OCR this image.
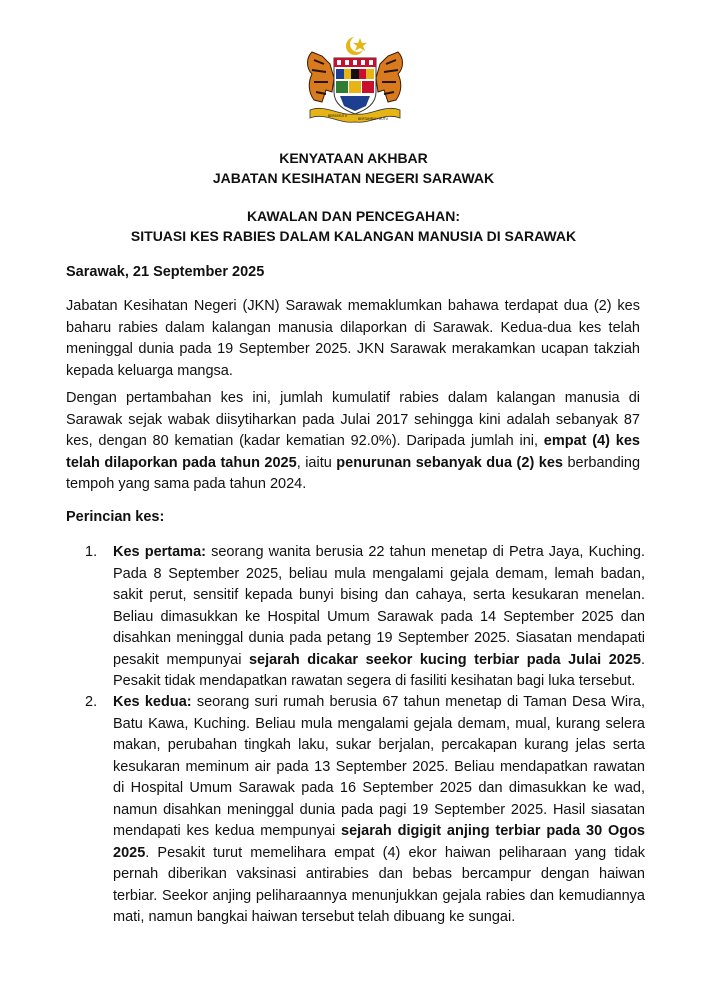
BERSEKUTU
BERTAMBAH MUTU
KENYATAAN AKHBAR
JABATAN KESIHATAN NEGERI SARAWAK
KAWALAN DAN PENCEGAHAN:
SITUASI KES RABIES DALAM KALANGAN MANUSIA DI SARAWAK
Sarawak, 21 September 2025

Jabatan Kesihatan Negeri (JKN) Sarawak memaklumkan bahawa terdapat dua (2) kes baharu rabies dalam kalangan manusia dilaporkan di Sarawak. Kedua-dua kes telah meninggal dunia pada 19 September 2025. JKN Sarawak merakamkan ucapan takziah kepada keluarga mangsa.

Dengan pertambahan kes ini, jumlah kumulatif rabies dalam kalangan manusia di Sarawak sejak wabak diisytiharkan pada Julai 2017 sehingga kini adalah sebanyak 87 kes, dengan 80 kematian (kadar kematian 92.0%). Daripada jumlah ini, empat (4) kes telah dilaporkan pada tahun 2025, iaitu penurunan sebanyak dua (2) kes berbanding tempoh yang sama pada tahun 2024.

Perincian kes:
1.	Kes pertama: seorang wanita berusia 22 tahun menetap di Petra Jaya, Kuching. Pada 8 September 2025, beliau mula mengalami gejala demam, lemah badan, sakit perut, sensitif kepada bunyi bising dan cahaya, serta kesukaran menelan. Beliau dimasukkan ke Hospital Umum Sarawak pada 14 September 2025 dan disahkan meninggal dunia pada petang 19 September 2025. Siasatan mendapati pesakit mempunyai sejarah dicakar seekor kucing terbiar pada Julai 2025. Pesakit tidak mendapatkan rawatan segera di fasiliti kesihatan bagi luka tersebut.

2.	Kes kedua: seorang suri rumah berusia 67 tahun menetap di Taman Desa Wira, Batu Kawa, Kuching. Beliau mula mengalami gejala demam, mual, kurang selera makan, perubahan tingkah laku, sukar berjalan, percakapan kurang jelas serta kesukaran meminum air pada 13 September 2025. Beliau mendapatkan rawatan di Hospital Umum Sarawak pada 16 September 2025 dan dimasukkan ke wad, namun disahkan meninggal dunia pada pagi 19 September 2025. Hasil siasatan mendapati kes kedua mempunyai sejarah digigit anjing terbiar pada 30 Ogos 2025. Pesakit turut memelihara empat (4) ekor haiwan peliharaan yang tidak pernah diberikan vaksinasi antirabies dan bebas bercampur dengan haiwan terbiar. Seekor anjing peliharaannya menunjukkan gejala rabies dan kemudiannya mati, namun bangkai haiwan tersebut telah dibuang ke sungai.
